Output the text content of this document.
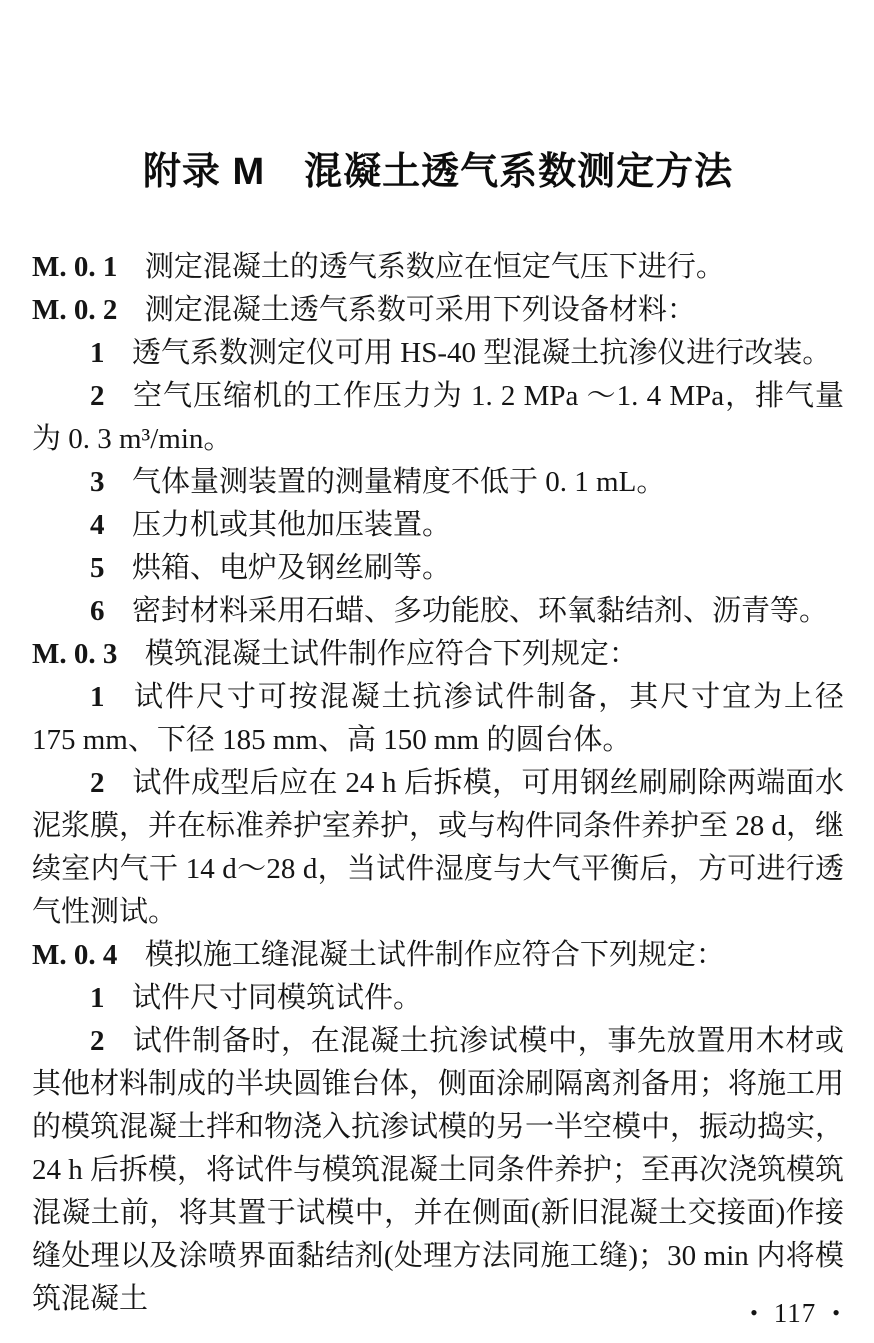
附录 M　混凝土透气系数测定方法

M. 0. 1 测定混凝土的透气系数应在恒定气压下进行。

M. 0. 2 测定混凝土透气系数可采用下列设备材料：

1 透气系数测定仪可用 HS-40 型混凝土抗渗仪进行改装。

2 空气压缩机的工作压力为 1. 2 MPa ～1. 4 MPa，排气量为 0. 3 m³/min。

3 气体量测装置的测量精度不低于 0. 1 mL。

4 压力机或其他加压装置。

5 烘箱、电炉及钢丝刷等。

6 密封材料采用石蜡、多功能胶、环氧黏结剂、沥青等。

M. 0. 3 模筑混凝土试件制作应符合下列规定：

1 试件尺寸可按混凝土抗渗试件制备，其尺寸宜为上径 175 mm、下径 185 mm、高 150 mm 的圆台体。

2 试件成型后应在 24 h 后拆模，可用钢丝刷刷除两端面水泥浆膜，并在标准养护室养护，或与构件同条件养护至 28 d，继续室内气干 14 d～28 d，当试件湿度与大气平衡后，方可进行透气性测试。

M. 0. 4 模拟施工缝混凝土试件制作应符合下列规定：

1 试件尺寸同模筑试件。

2 试件制备时，在混凝土抗渗试模中，事先放置用木材或其他材料制成的半块圆锥台体，侧面涂刷隔离剂备用；将施工用的模筑混凝土拌和物浇入抗渗试模的另一半空模中，振动捣实，24 h 后拆模，将试件与模筑混凝土同条件养护；至再次浇筑模筑混凝土前，将其置于试模中，并在侧面(新旧混凝土交接面)作接缝处理以及涂喷界面黏结剂(处理方法同施工缝)；30 min 内将模筑混凝土	• 117 •
